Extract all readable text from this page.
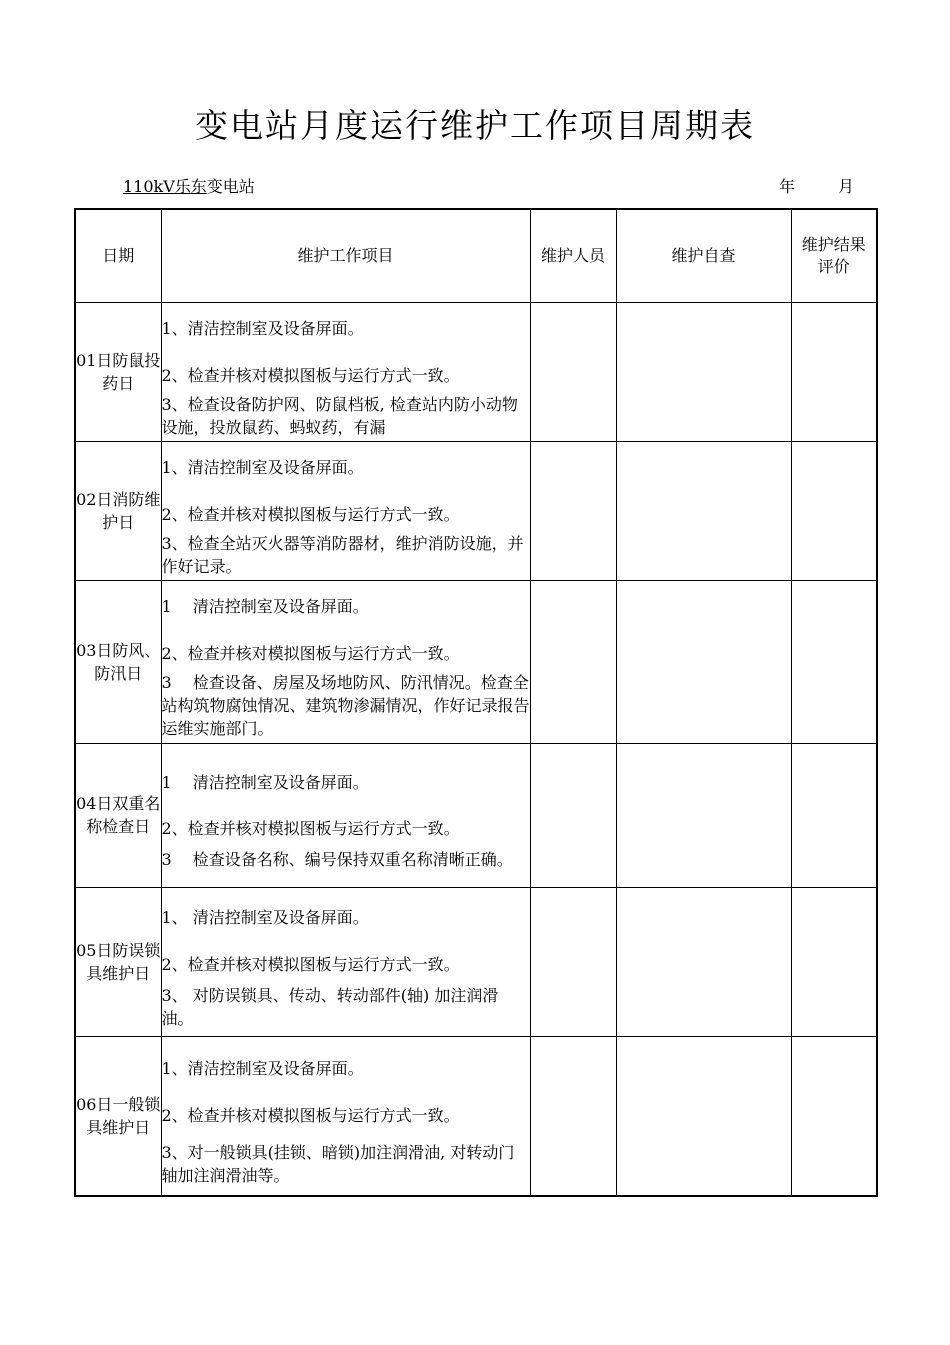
变电站月度运行维护工作项目周期表
110kV乐东变电站	年	月
日期	维护工作项目	维护人员	维护自查	维护结果评价
01日防鼠投药日	1、清洁控制室及设备屏面。
2、检查并核对模拟图板与运行方式一致。
3、检查设备防护网、防鼠档板, 检查站内防小动物设施，投放鼠药、蚂蚁药，有漏			

02日消防维护日	1、清洁控制室及设备屏面。
2、检查并核对模拟图板与运行方式一致。
3、检查全站灭火器等消防器材，维护消防设施，并作好记录。			

03日防风、防汛日	1　 清洁控制室及设备屏面。
2、检查并核对模拟图板与运行方式一致。
3　 检查设备、房屋及场地防风、防汛情况。检查全站构筑物腐蚀情况、建筑物渗漏情况，作好记录报告运维实施部门。			

04日双重名称检查日	1　 清洁控制室及设备屏面。
2、检查并核对模拟图板与运行方式一致。
3　 检查设备名称、编号保持双重名称清晰正确。			

05日防误锁具维护日	1、 清洁控制室及设备屏面。
2、检查并核对模拟图板与运行方式一致。
3、 对防误锁具、传动、转动部件(轴) 加注润滑油。			

06日一般锁具维护日	1、清洁控制室及设备屏面。
2、检查并核对模拟图板与运行方式一致。
3、对一般锁具(挂锁、暗锁)加注润滑油, 对转动门轴加注润滑油等。			
